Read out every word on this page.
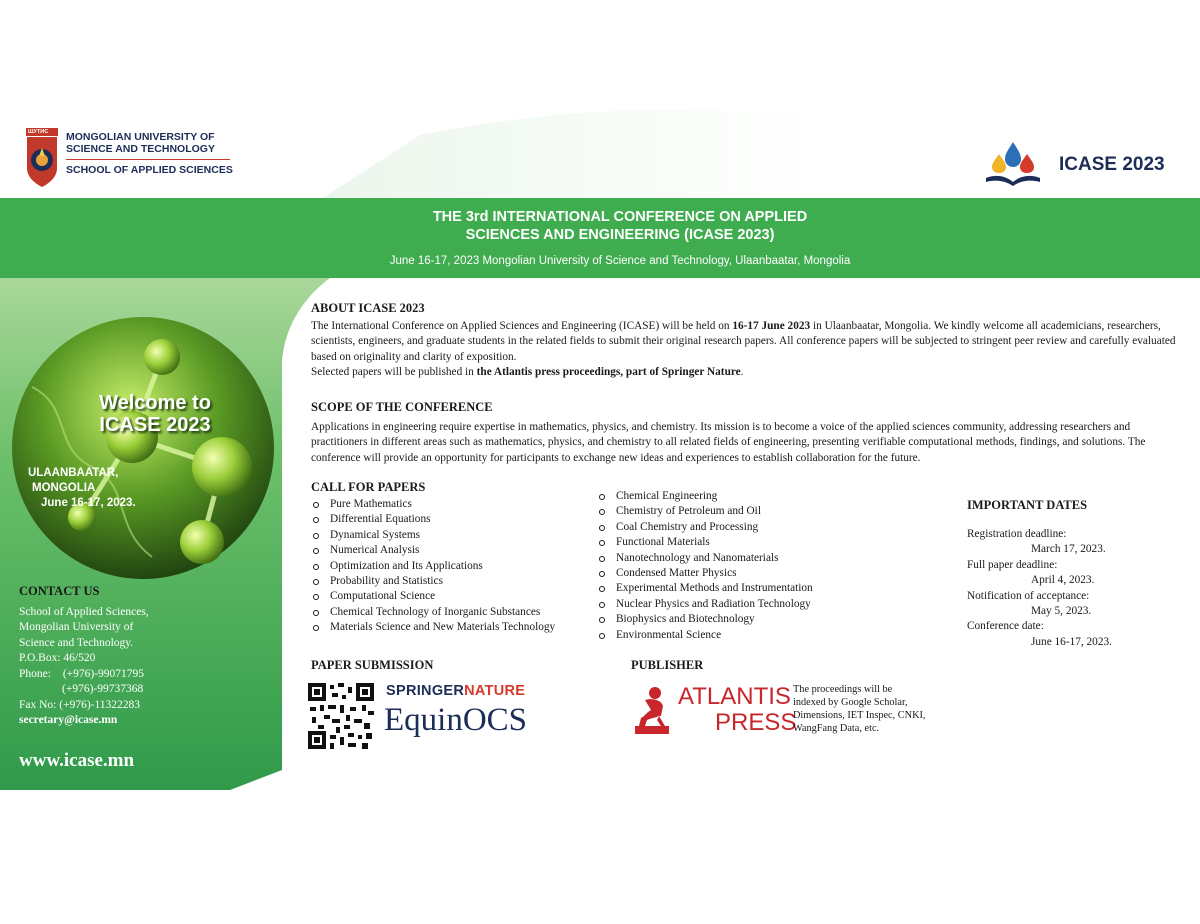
ШУТИС MONGOLIAN UNIVERSITY OF
SCIENCE AND TECHNOLOGY
SCHOOL OF APPLIED SCIENCES	ICASE 2023
THE 3rd INTERNATIONAL CONFERENCE ON APPLIED
SCIENCES AND ENGINEERING (ICASE 2023)
June 16-17, 2023 Mongolian University of Science and Technology, Ulaanbaatar, Mongolia
Welcome to
ICASE 2023
ULAANBAATAR,
MONGOLIA
June 16-17, 2023.
CONTACT US
School of Applied Sciences,
Mongolian University of
Science and Technology.
P.O.Box: 46/520
Phone: (+976)-99071795
(+976)-99737368
Fax No: (+976)-11322283
secretary@icase.mn
www.icase.mn
ABOUT ICASE 2023

The International Conference on Applied Sciences and Engineering (ICASE) will be held on 16-17 June 2023 in Ulaanbaatar, Mongolia. We kindly welcome all academicians, researchers, scientists, engineers, and graduate students in the related fields to submit their original research papers. All conference papers will be subjected to stringent peer review and carefully evaluated based on originality and clarity of exposition.

Selected papers will be published in the Atlantis press proceedings, part of Springer Nature.

SCOPE OF THE CONFERENCE

Applications in engineering require expertise in mathematics, physics, and chemistry. Its mission is to become a voice of the applied sciences community, addressing researchers and practitioners in different areas such as mathematics, physics, and chemistry to all related fields of engineering, presenting verifiable computational methods, findings, and solutions. The conference will provide an opportunity for participants to exchange new ideas and experiences to establish collaboration for the future.

CALL FOR PAPERS
Pure Mathematics
Differential Equations
Dynamical Systems
Numerical Analysis
Optimization and Its Applications
Probability and Statistics
Computational Science
Chemical Technology of Inorganic Substances
Materials Science and New Materials Technology
Chemical Engineering
Chemistry of Petroleum and Oil
Coal Chemistry and Processing
Functional Materials
Nanotechnology and Nanomaterials
Condensed Matter Physics
Experimental Methods and Instrumentation
Nuclear Physics and Radiation Technology
Biophysics and Biotechnology
Environmental Science
IMPORTANT DATES
Registration deadline:
March 17, 2023.
Full paper deadline:
April 4, 2023.
Notification of acceptance:
May 5, 2023.
Conference date:
June 16-17, 2023.
PAPER SUBMISSION
SPRINGERNATURE
EquinOCS
PUBLISHER
ATLANTIS
PRESS
The proceedings will be
indexed by Google Scholar,
Dimensions, IET Inspec, CNKI,
WangFang Data, etc.
